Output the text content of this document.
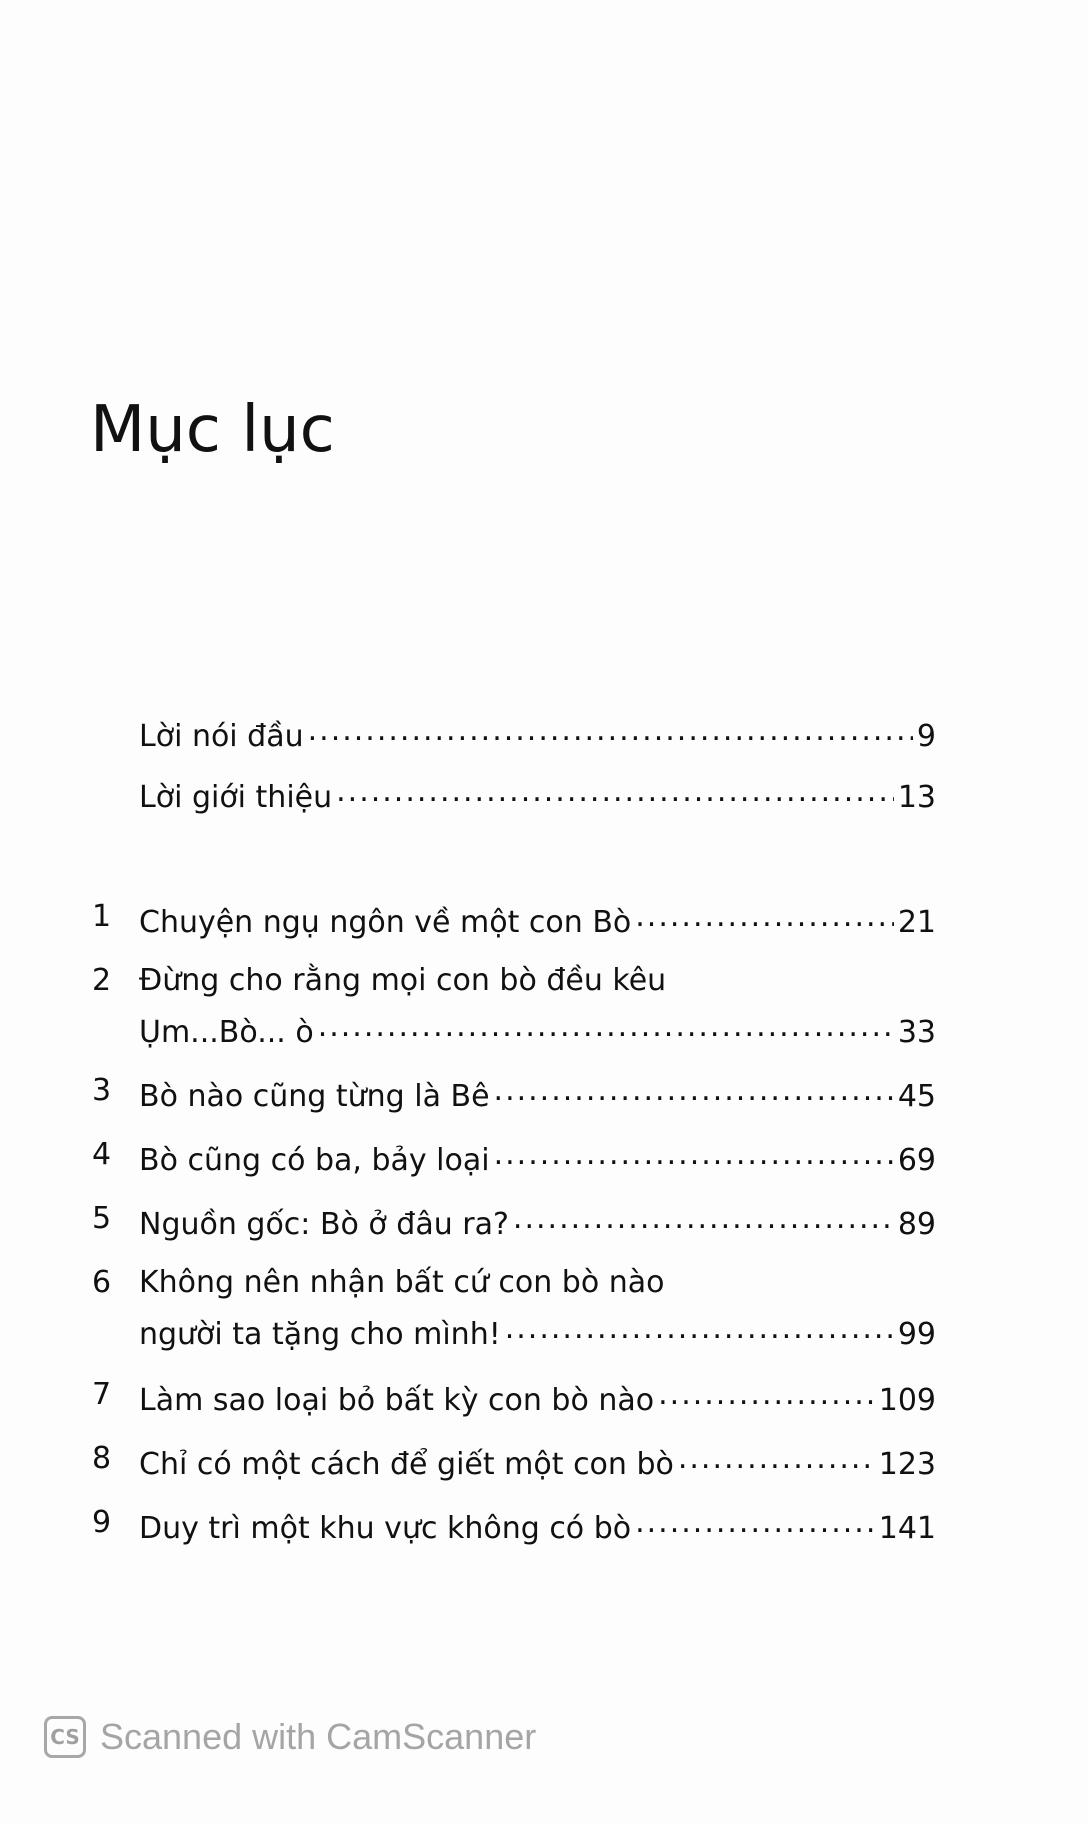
Mục lục
Lời nói đầu .....	9
Lời giới thiệu .....	13
1 Chuyện ngụ ngôn về một con Bò .....	21
2 Đừng cho rằng mọi con bò đều kêu
Ụm...Bò... ò .....	33
3 Bò nào cũng từng là Bê .....	45
4 Bò cũng có ba, bảy loại .....	69
5 Nguồn gốc: Bò ở đâu ra? .....	89
6 Không nên nhận bất cứ con bò nào
người ta tặng cho mình! .....	99
7 Làm sao loại bỏ bất kỳ con bò nào .....	109
8 Chỉ có một cách để giết một con bò .....	123
9 Duy trì một khu vực không có bò .....	141
CS Scanned with CamScanner
